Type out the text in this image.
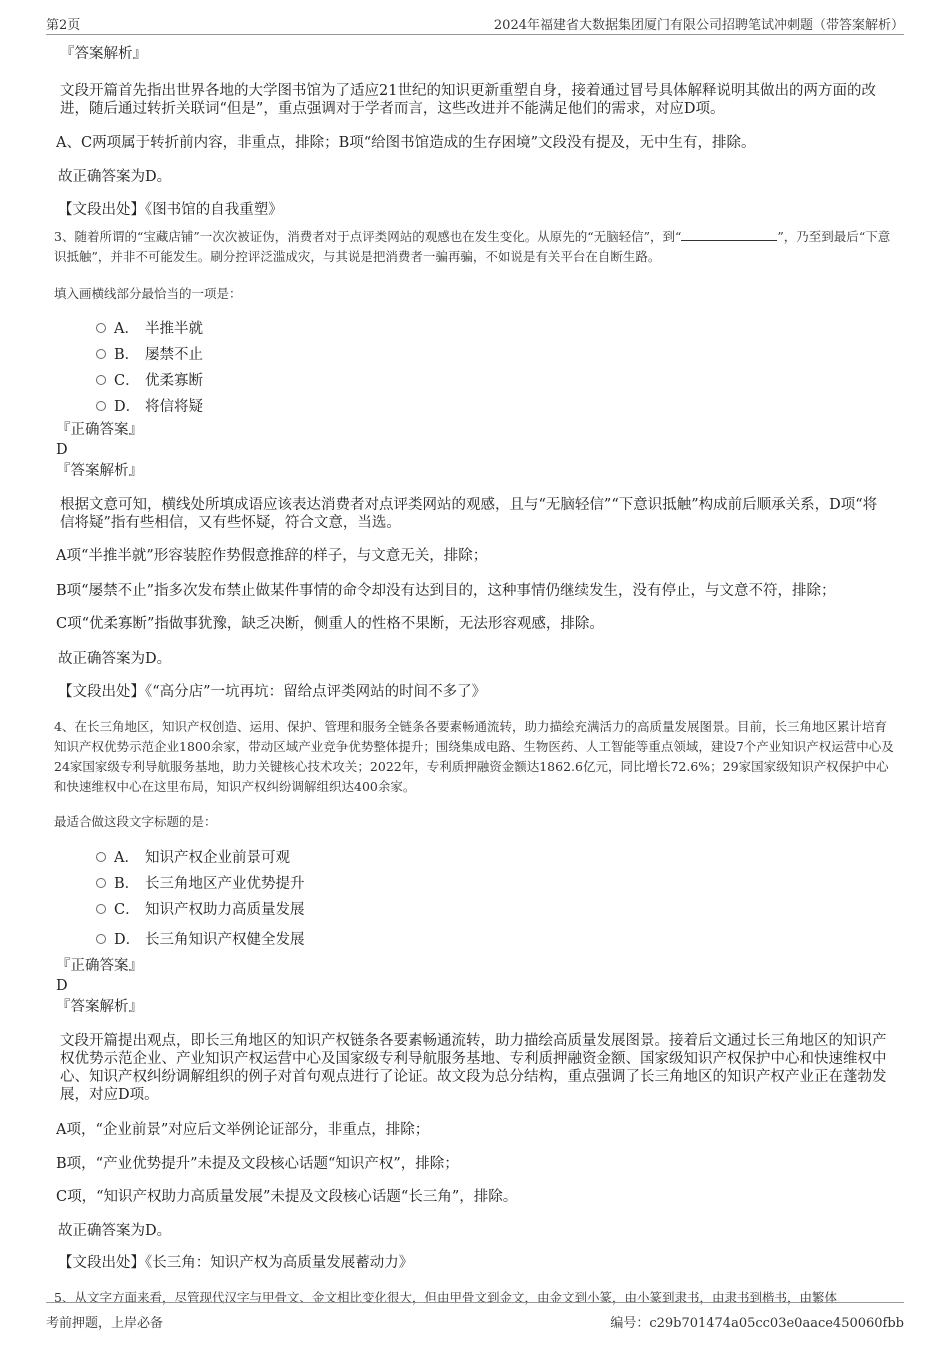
第2页	2024年福建省大数据集团厦门有限公司招聘笔试冲刺题（带答案解析）
『答案解析』

文段开篇首先指出世界各地的大学图书馆为了适应21世纪的知识更新重塑自身，接着通过冒号具体解释说明其做出的两方面的改进，随后通过转折关联词“但是”，重点强调对于学者而言，这些改进并不能满足他们的需求，对应D项。

A、C两项属于转折前内容，非重点，排除；B项“给图书馆造成的生存困境”文段没有提及，无中生有，排除。

故正确答案为D。

【文段出处】《图书馆的自我重塑》

3、随着所谓的“宝藏店铺”一次次被证伪，消费者对于点评类网站的观感也在发生变化。从原先的“无脑轻信”，到“	”，乃至到最后“下意识抵触”，并非不可能发生。刷分控评泛滥成灾，与其说是把消费者一骗再骗，不如说是有关平台在自断生路。

填入画横线部分最恰当的一项是：

A． 半推半就
B． 屡禁不止
C． 优柔寡断
D． 将信将疑
『正确答案』
D
『答案解析』

根据文意可知，横线处所填成语应该表达消费者对点评类网站的观感，且与“无脑轻信”“下意识抵触”构成前后顺承关系，D项“将信将疑”指有些相信，又有些怀疑，符合文意，当选。

A项“半推半就”形容装腔作势假意推辞的样子，与文意无关，排除；

B项“屡禁不止”指多次发布禁止做某件事情的命令却没有达到目的，这种事情仍继续发生，没有停止，与文意不符，排除；

C项“优柔寡断”指做事犹豫，缺乏决断，侧重人的性格不果断，无法形容观感，排除。

故正确答案为D。

【文段出处】《“高分店”一坑再坑：留给点评类网站的时间不多了》

4、在长三角地区，知识产权创造、运用、保护、管理和服务全链条各要素畅通流转，助力描绘充满活力的高质量发展图景。目前，长三角地区累计培育知识产权优势示范企业1800余家，带动区域产业竞争优势整体提升；围绕集成电路、生物医药、人工智能等重点领域，建设7个产业知识产权运营中心及24家国家级专利导航服务基地，助力关键核心技术攻关；2022年，专利质押融资金额达1862.6亿元，同比增长72.6%；29家国家级知识产权保护中心和快速维权中心在这里布局，知识产权纠纷调解组织达400余家。

最适合做这段文字标题的是：

A． 知识产权企业前景可观
B． 长三角地区产业优势提升
C． 知识产权助力高质量发展
D． 长三角知识产权健全发展
『正确答案』
D
『答案解析』

文段开篇提出观点，即长三角地区的知识产权链条各要素畅通流转，助力描绘高质量发展图景。接着后文通过长三角地区的知识产权优势示范企业、产业知识产权运营中心及国家级专利导航服务基地、专利质押融资金额、国家级知识产权保护中心和快速维权中心、知识产权纠纷调解组织的例子对首句观点进行了论证。故文段为总分结构，重点强调了长三角地区的知识产权产业正在蓬勃发展，对应D项。

A项，“企业前景”对应后文举例论证部分，非重点，排除；

B项，“产业优势提升”未提及文段核心话题“知识产权”，排除；

C项，“知识产权助力高质量发展”未提及文段核心话题“长三角”，排除。

故正确答案为D。

【文段出处】《长三角：知识产权为高质量发展蓄动力》

5、从文字方面来看，尽管现代汉字与甲骨文、金文相比变化很大，但由甲骨文到金文，由金文到小篆，由小篆到隶书，由隶书到楷书，由繁体

考前押题，上岸必备	编号：c29b701474a05cc03e0aace450060fbb
